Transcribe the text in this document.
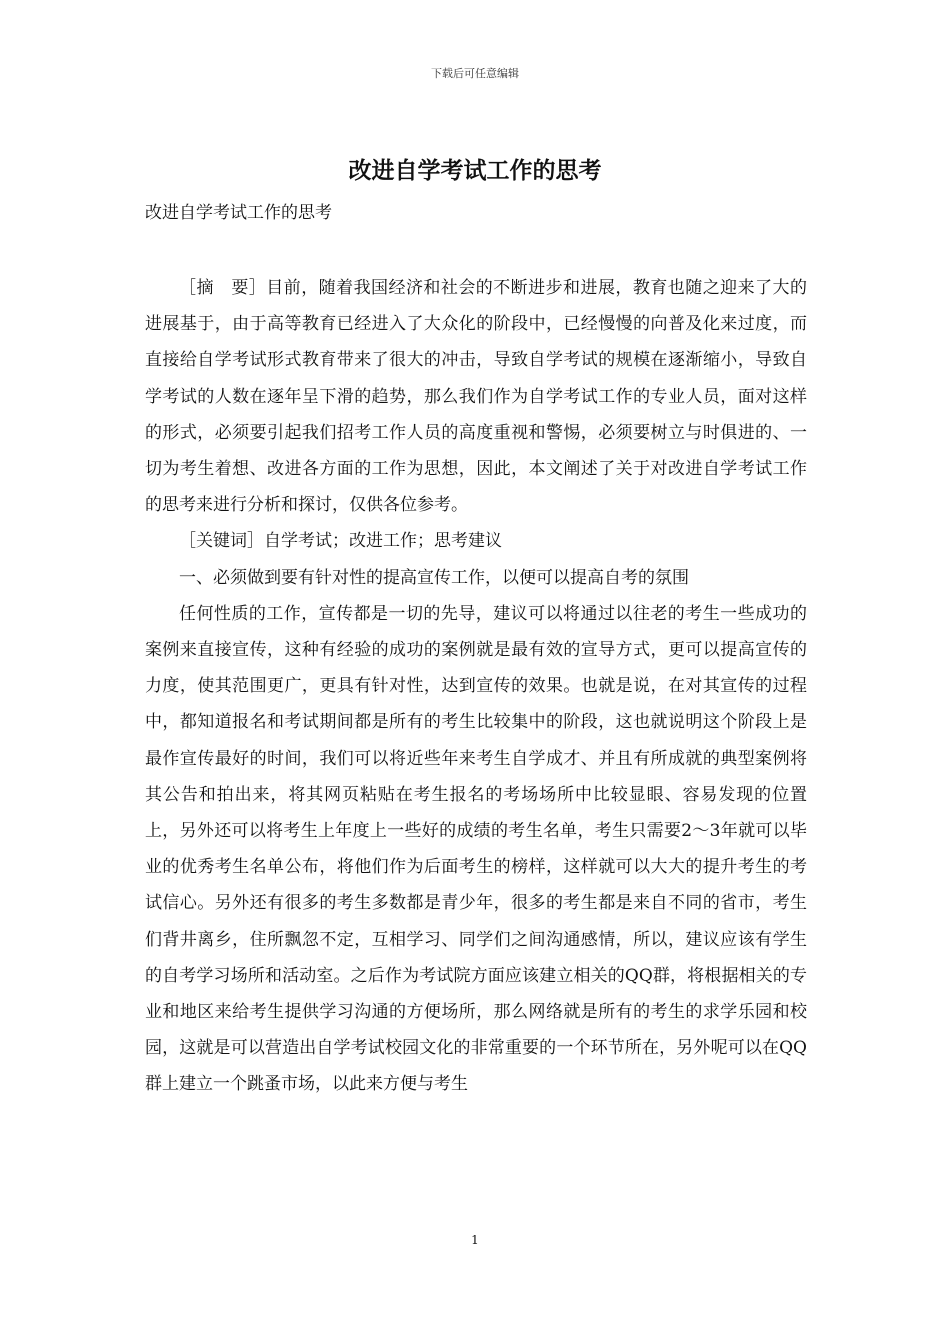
下载后可任意编辑
改进自学考试工作的思考
改进自学考试工作的思考

［摘　要］目前，随着我国经济和社会的不断进步和进展，教育也随之迎来了大的进展基于，由于高等教育已经进入了大众化的阶段中，已经慢慢的向普及化来过度，而直接给自学考试形式教育带来了很大的冲击，导致自学考试的规模在逐渐缩小，导致自学考试的人数在逐年呈下滑的趋势，那么我们作为自学考试工作的专业人员，面对这样的形式，必须要引起我们招考工作人员的高度重视和警惕，必须要树立与时俱进的、一切为考生着想、改进各方面的工作为思想，因此，本文阐述了关于对改进自学考试工作的思考来进行分析和探讨，仅供各位参考。

［关键词］自学考试；改进工作；思考建议

一、必须做到要有针对性的提高宣传工作，以便可以提高自考的氛围

任何性质的工作，宣传都是一切的先导，建议可以将通过以往老的考生一些成功的案例来直接宣传，这种有经验的成功的案例就是最有效的宣导方式，更可以提高宣传的力度，使其范围更广，更具有针对性，达到宣传的效果。也就是说，在对其宣传的过程中，都知道报名和考试期间都是所有的考生比较集中的阶段，这也就说明这个阶段上是最作宣传最好的时间，我们可以将近些年来考生自学成才、并且有所成就的典型案例将其公告和拍出来，将其网页粘贴在考生报名的考场场所中比较显眼、容易发现的位置上，另外还可以将考生上年度上一些好的成绩的考生名单，考生只需要2～3年就可以毕业的优秀考生名单公布，将他们作为后面考生的榜样，这样就可以大大的提升考生的考试信心。另外还有很多的考生多数都是青少年，很多的考生都是来自不同的省市，考生们背井离乡，住所飘忽不定，互相学习、同学们之间沟通感情，所以，建议应该有学生的自考学习场所和活动室。之后作为考试院方面应该建立相关的QQ群，将根据相关的专业和地区来给考生提供学习沟通的方便场所，那么网络就是所有的考生的求学乐园和校园，这就是可以营造出自学考试校园文化的非常重要的一个环节所在，另外呢可以在QQ群上建立一个跳蚤市场，以此来方便与考生

1
